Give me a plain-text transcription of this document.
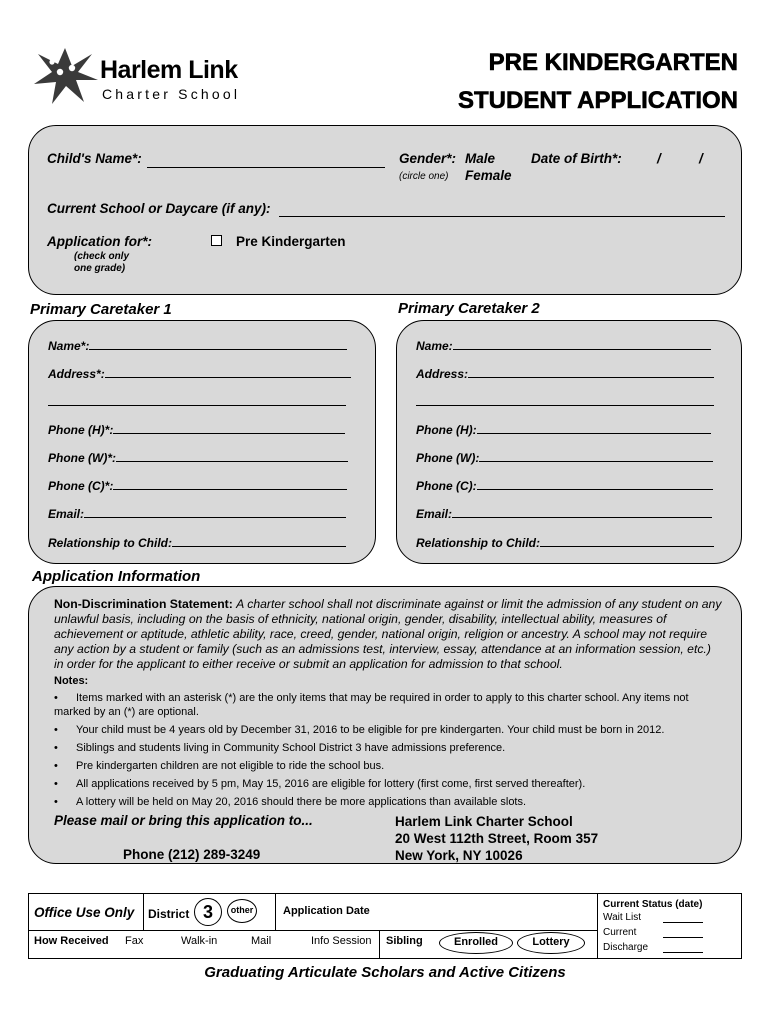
Harlem Link
Charter School
PRE KINDERGARTEN
STUDENT APPLICATION
Child's Name*:	Gender*: Male
(circle one) Female
Date of Birth*:	/	/
Current School or Daycare (if any):
Application for*:
(check only
one grade)
Pre Kindergarten
Primary Caretaker 1	Primary Caretaker 2
Name*:
Address*:
Phone (H)*:
Phone (W)*:
Phone (C)*:
Email:
Relationship to Child:
Name:
Address:
Phone (H):
Phone (W):
Phone (C):
Email:
Relationship to Child:
Application Information
Non-Discrimination Statement: A charter school shall not discriminate against or limit the admission of any student on any unlawful basis, including on the basis of ethnicity, national origin, gender, disability, intellectual ability, measures of achievement or aptitude, athletic ability, race, creed, gender, national origin, religion or ancestry. A school may not require any action by a student or family (such as an admissions test, interview, essay, attendance at an information session, etc.) in order for the applicant to either receive or submit an application for admission to that school.
Notes:
• Items marked with an asterisk (*) are the only items that may be required in order to apply to this charter school. Any items not marked by an (*) are optional.
• Your child must be 4 years old by December 31, 2016 to be eligible for pre kindergarten. Your child must be born in 2012.
• Siblings and students living in Community School District 3 have admissions preference.
• Pre kindergarten children are not eligible to ride the school bus.
• All applications received by 5 pm, May 15, 2016 are eligible for lottery (first come, first served thereafter).
• A lottery will be held on May 20, 2016 should there be more applications than available slots.
Please mail or bring this application to...
Phone (212) 289-3249
Harlem Link Charter School
20 West 112th Street, Room 357
New York, NY 10026
Office Use Only District 3	other	Application Date
Current Status (date)
Wait List
Current
Discharge
How Received Fax	Walk-in	Mail	Info Session Sibling	Enrolled	Lottery
Graduating Articulate Scholars and Active Citizens
